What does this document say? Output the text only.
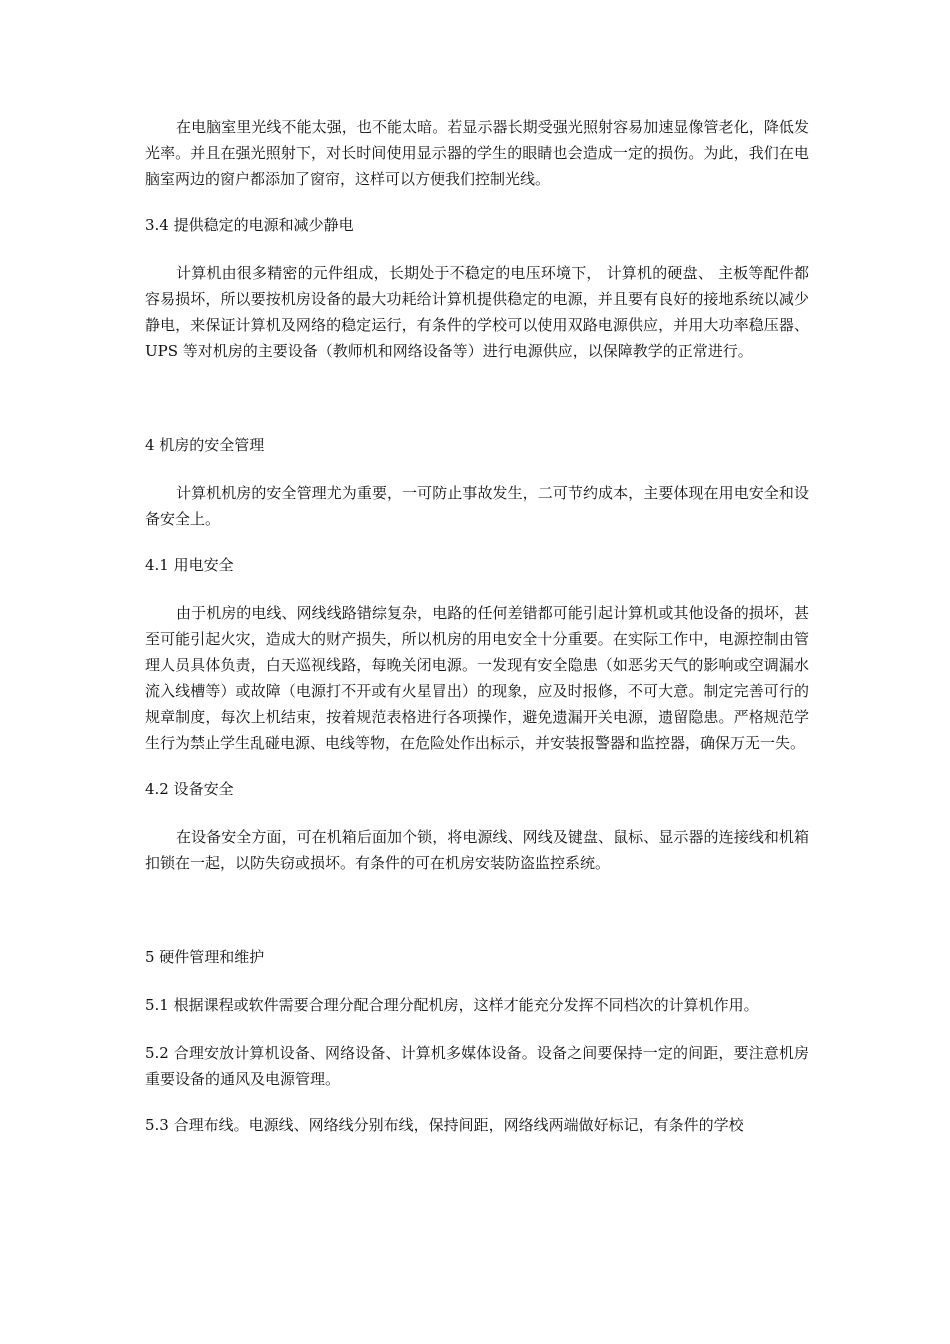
在电脑室里光线不能太强，也不能太暗。若显示器长期受强光照射容易加速显像管老化，降低发光率。并且在强光照射下，对长时间使用显示器的学生的眼睛也会造成一定的损伤。为此，我们在电脑室两边的窗户都添加了窗帘，这样可以方便我们控制光线。

3.4 提供稳定的电源和减少静电

计算机由很多精密的元件组成，长期处于不稳定的电压环境下， 计算机的硬盘、 主板等配件都容易损坏，所以要按机房设备的最大功耗给计算机提供稳定的电源，并且要有良好的接地系统以减少静电，来保证计算机及网络的稳定运行，有条件的学校可以使用双路电源供应，并用大功率稳压器、UPS 等对机房的主要设备（教师机和网络设备等）进行电源供应，以保障教学的正常进行。

4 机房的安全管理

计算机机房的安全管理尤为重要，一可防止事故发生，二可节约成本，主要体现在用电安全和设备安全上。

4.1 用电安全

由于机房的电线、网线线路错综复杂，电路的任何差错都可能引起计算机或其他设备的损坏，甚至可能引起火灾，造成大的财产损失，所以机房的用电安全十分重要。在实际工作中，电源控制由管理人员具体负责，白天巡视线路，每晚关闭电源。一发现有安全隐患（如恶劣天气的影响或空调漏水流入线槽等）或故障（电源打不开或有火星冒出）的现象，应及时报修，不可大意。制定完善可行的规章制度，每次上机结束，按着规范表格进行各项操作，避免遗漏开关电源，遗留隐患。严格规范学生行为禁止学生乱碰电源、电线等物，在危险处作出标示，并安装报警器和监控器，确保万无一失。

4.2 设备安全

在设备安全方面，可在机箱后面加个锁，将电源线、网线及键盘、鼠标、显示器的连接线和机箱扣锁在一起，以防失窃或损坏。有条件的可在机房安装防盗监控系统。

5 硬件管理和维护

5.1 根据课程或软件需要合理分配合理分配机房，这样才能充分发挥不同档次的计算机作用。

5.2 合理安放计算机设备、网络设备、计算机多媒体设备。设备之间要保持一定的间距，要注意机房重要设备的通风及电源管理。

5.3 合理布线。电源线、网络线分别布线，保持间距，网络线两端做好标记，有条件的学校
